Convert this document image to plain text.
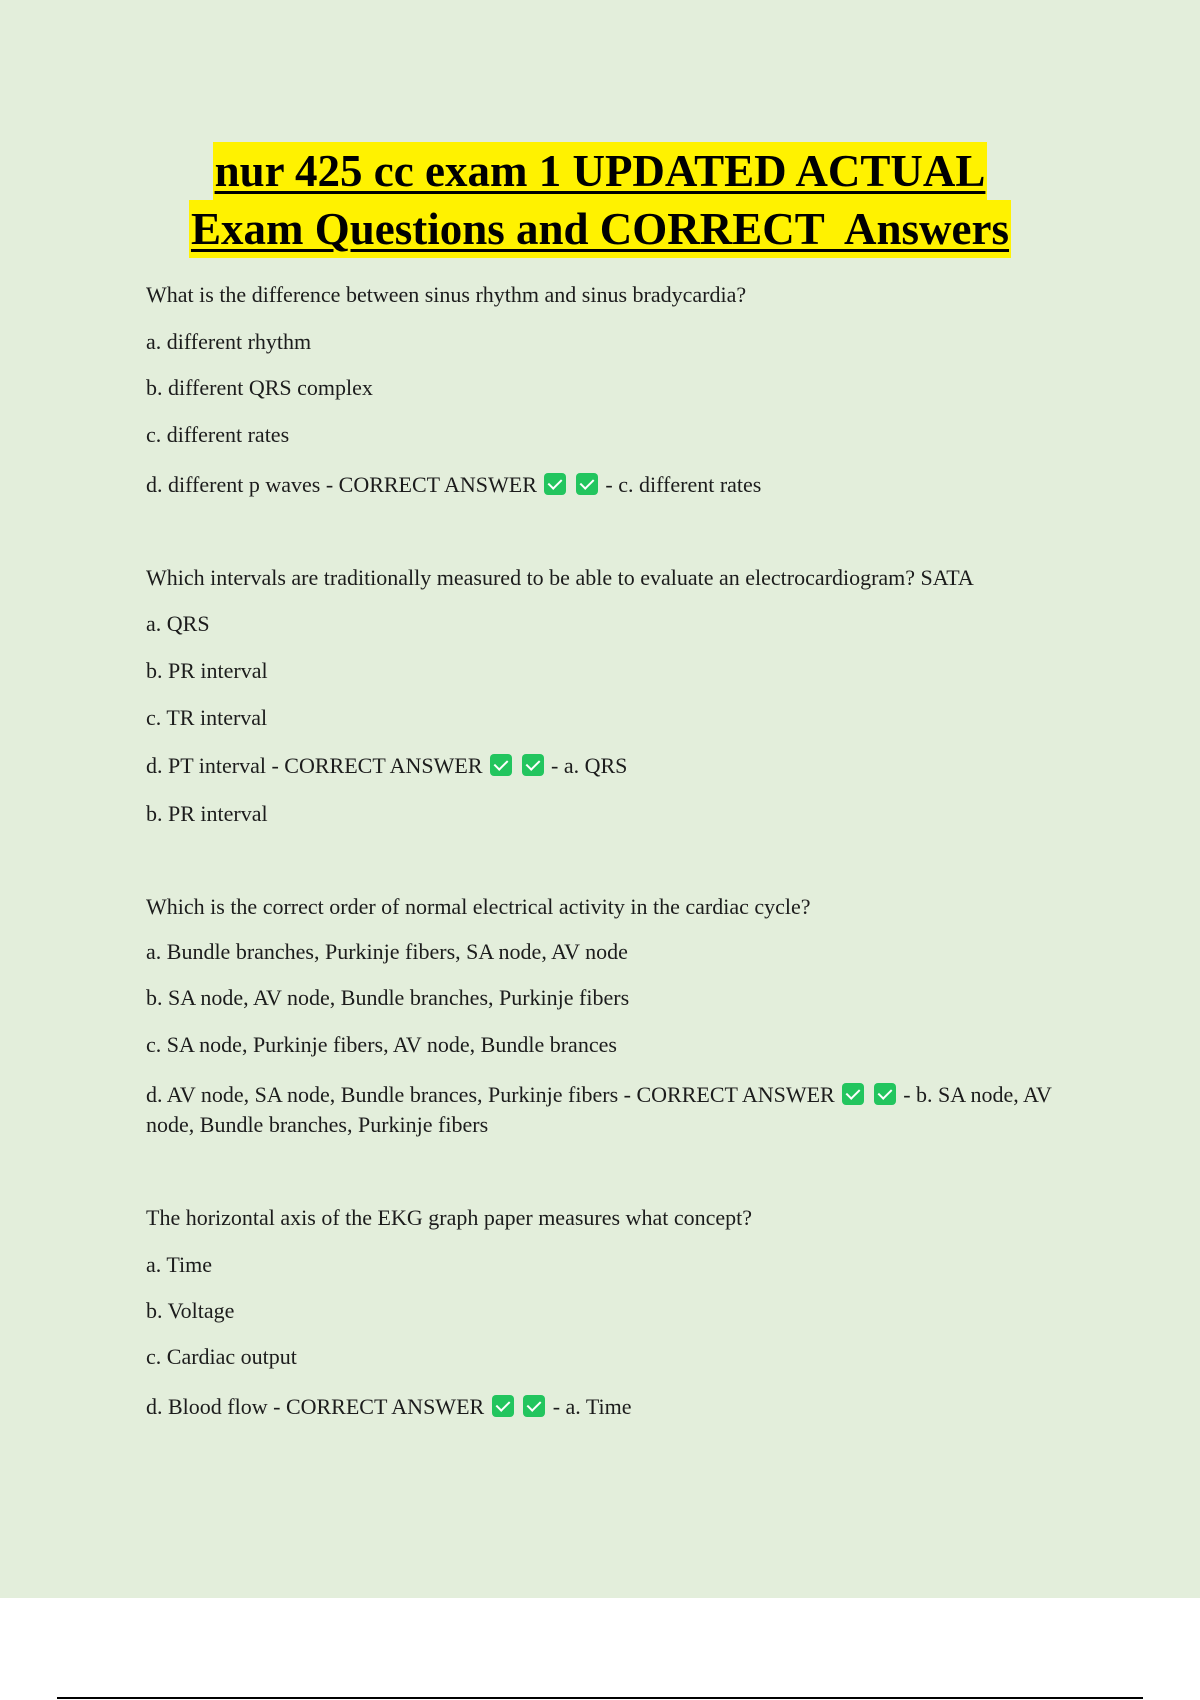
nur 425 cc exam 1 UPDATED ACTUAL
Exam Questions and CORRECT  Answers
What is the difference between sinus rhythm and sinus bradycardia?
a. different rhythm
b. different QRS complex
c. different rates
d. different p waves - CORRECT ANSWER	- c. different rates
Which intervals are traditionally measured to be able to evaluate an electrocardiogram? SATA
a. QRS
b. PR interval
c. TR interval
d. PT interval - CORRECT ANSWER	- a. QRS
b. PR interval
Which is the correct order of normal electrical activity in the cardiac cycle?
a. Bundle branches, Purkinje fibers, SA node, AV node
b. SA node, AV node, Bundle branches, Purkinje fibers
c. SA node, Purkinje fibers, AV node, Bundle brances
d. AV node, SA node, Bundle brances, Purkinje fibers - CORRECT ANSWER	- b. SA node, AV node, Bundle branches, Purkinje fibers
The horizontal axis of the EKG graph paper measures what concept?
a. Time
b. Voltage
c. Cardiac output
d. Blood flow - CORRECT ANSWER	- a. Time
